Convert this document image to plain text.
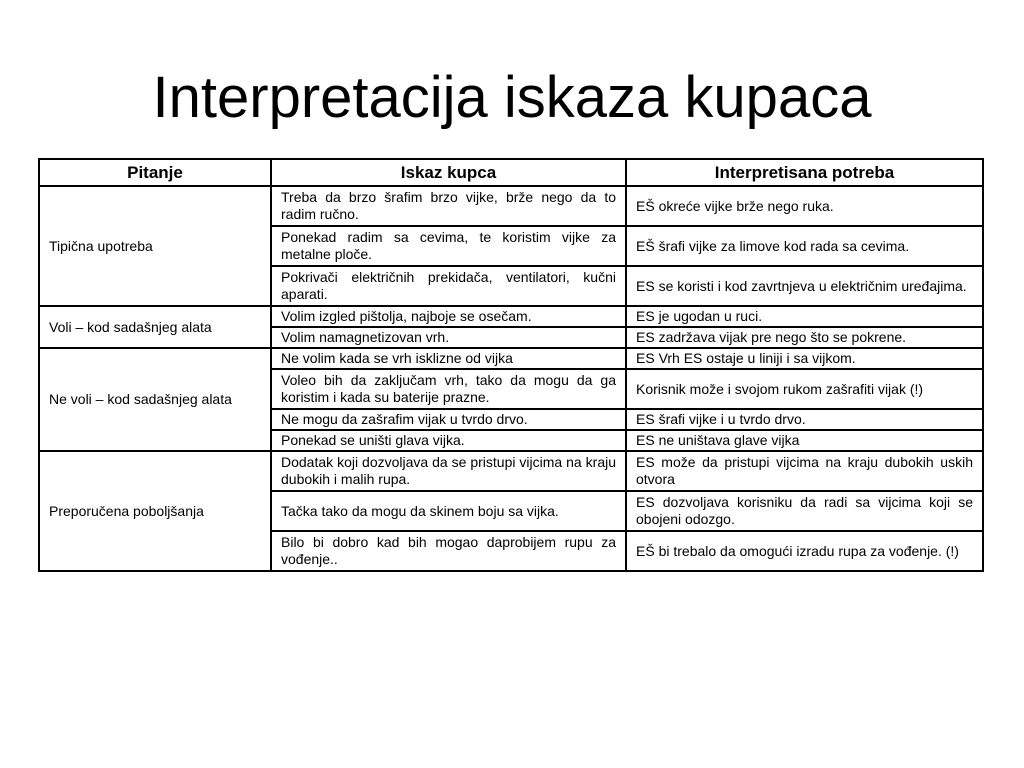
Interpretacija iskaza kupaca
Pitanje	Iskaz kupca	Interpretisana potreba
Tipična upotreba	Treba da brzo šrafim brzo vijke, brže nego da to radim ručno.	EŠ okreće vijke brže nego ruka.
	Ponekad radim sa cevima, te koristim vijke za metalne ploče.	EŠ šrafi vijke za limove kod rada sa cevima.
	Pokrivači električnih prekidača, ventilatori, kučni aparati.	ES se koristi i kod zavrtnjeva u električnim uređajima.
Voli – kod sadašnjeg alata	Volim izgled pištolja, najboje se osečam.	ES je ugodan u ruci.
	Volim namagnetizovan vrh.	ES zadržava vijak pre nego što se pokrene.
Ne voli – kod sadašnjeg alata	Ne volim kada se vrh isklizne od vijka	ES Vrh ES ostaje u liniji i sa vijkom.
	Voleo bih da zaključam vrh, tako da mogu da ga koristim i kada su baterije prazne.	Korisnik može i svojom rukom zašrafiti vijak (!)
	Ne mogu da zašrafim vijak u tvrdo drvo.	ES šrafi vijke i u tvrdo drvo.
	Ponekad se uništi glava vijka.	ES ne uništava glave vijka
Preporučena poboljšanja	Dodatak koji dozvoljava da se pristupi vijcima na kraju dubokih i malih rupa.	ES može da pristupi vijcima na kraju dubokih uskih otvora
	Tačka tako da mogu da skinem boju sa vijka.	ES dozvoljava korisniku da radi sa vijcima koji se obojeni odozgo.
	Bilo bi dobro kad bih mogao daprobijem rupu za vođenje..	EŠ bi trebalo da omogući izradu rupa za vođenje. (!)
